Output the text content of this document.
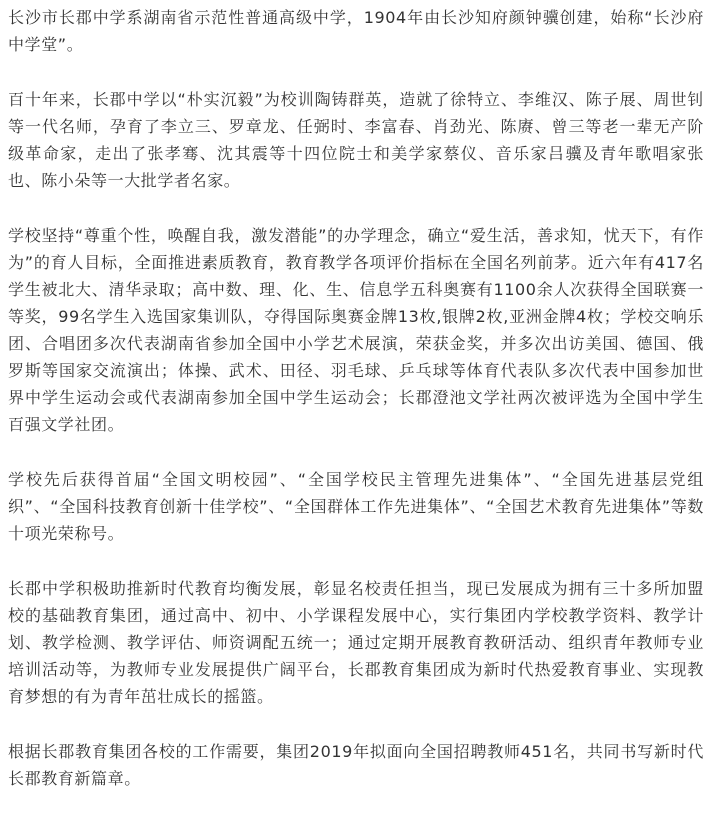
长沙市长郡中学系湖南省示范性普通高级中学，1904年由长沙知府颜钟骥创建，始称“长沙府中学堂”。

百十年来，长郡中学以“朴实沉毅”为校训陶铸群英，造就了徐特立、李维汉、陈子展、周世钊等一代名师，孕育了李立三、罗章龙、任弼时、李富春、肖劲光、陈赓、曾三等老一辈无产阶级革命家，走出了张孝骞、沈其震等十四位院士和美学家蔡仪、音乐家吕骥及青年歌唱家张也、陈小朵等一大批学者名家。

学校坚持“尊重个性，唤醒自我，激发潜能”的办学理念，确立“爱生活，善求知，忧天下，有作为”的育人目标，全面推进素质教育，教育教学各项评价指标在全国名列前茅。近六年有417名学生被北大、清华录取；高中数、理、化、生、信息学五科奥赛有1100余人次获得全国联赛一等奖，99名学生入选国家集训队，夺得国际奥赛金牌13枚,银牌2枚,亚洲金牌4枚；学校交响乐团、合唱团多次代表湖南省参加全国中小学艺术展演，荣获金奖，并多次出访美国、德国、俄罗斯等国家交流演出；体操、武术、田径、羽毛球、乒乓球等体育代表队多次代表中国参加世界中学生运动会或代表湖南参加全国中学生运动会；长郡澄池文学社两次被评选为全国中学生百强文学社团。

学校先后获得首届“全国文明校园”、“全国学校民主管理先进集体”、“全国先进基层党组织”、“全国科技教育创新十佳学校”、“全国群体工作先进集体”、“全国艺术教育先进集体”等数十项光荣称号。

长郡中学积极助推新时代教育均衡发展，彰显名校责任担当，现已发展成为拥有三十多所加盟校的基础教育集团，通过高中、初中、小学课程发展中心，实行集团内学校教学资料、教学计划、教学检测、教学评估、师资调配五统一；通过定期开展教育教研活动、组织青年教师专业培训活动等，为教师专业发展提供广阔平台，长郡教育集团成为新时代热爱教育事业、实现教育梦想的有为青年茁壮成长的摇篮。

根据长郡教育集团各校的工作需要，集团2019年拟面向全国招聘教师451名，共同书写新时代长郡教育新篇章。
